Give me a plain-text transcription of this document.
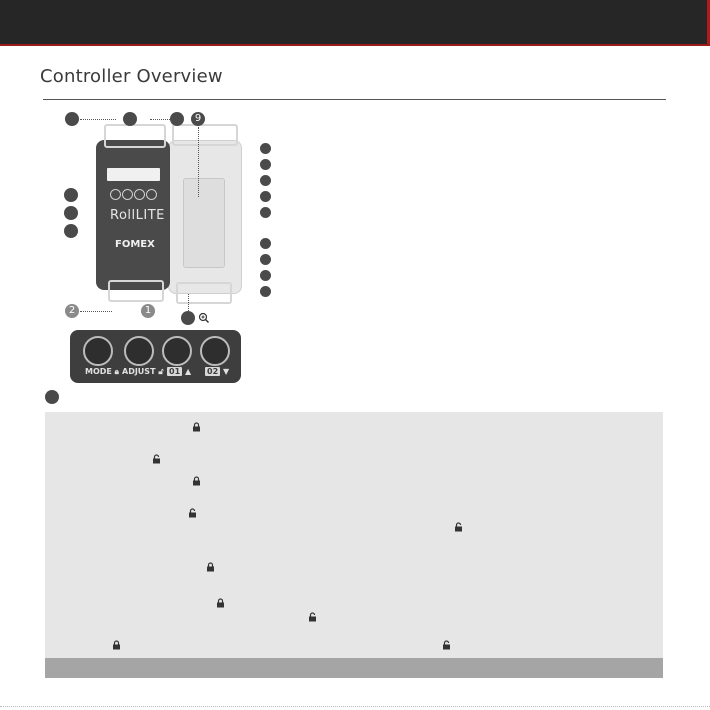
Controller Overview
RollLITE
FOMEX
9
2	1
MODE 🔒︎ ADJUST 🔓︎ 01 ▲ 02 ▼
